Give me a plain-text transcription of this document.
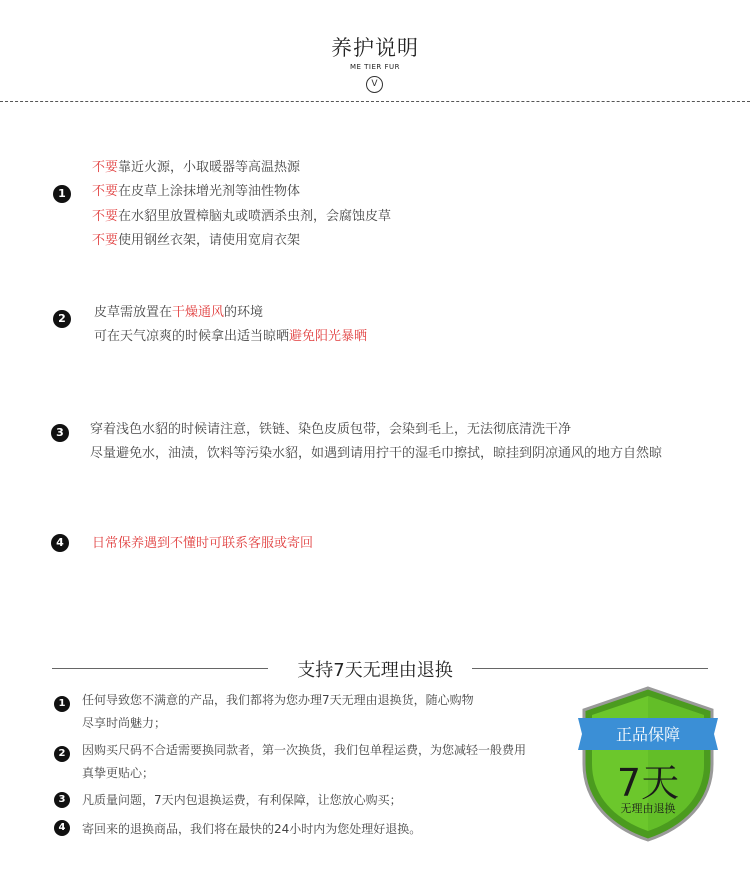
养护说明
ME TIER FUR
V
1
不要靠近火源，小取暖器等高温热源
不要在皮草上涂抹增光剂等油性物体
不要在水貂里放置樟脑丸或喷洒杀虫剂，会腐蚀皮草
不要使用钢丝衣架，请使用宽肩衣架
2	皮草需放置在干燥通风的环境
可在天气凉爽的时候拿出适当晾晒避免阳光暴晒
3	穿着浅色水貂的时候请注意，铁链、染色皮质包带，会染到毛上，无法彻底清洗干净
尽量避免水，油渍，饮料等污染水貂，如遇到请用拧干的湿毛巾擦拭，晾挂到阴凉通风的地方自然晾
4	日常保养遇到不懂时可联系客服或寄回
支持7天无理由退换
1	任何导致您不满意的产品，我们都将为您办理7天无理由退换货，随心购物
尽享时尚魅力；
2	因购买尺码不合适需要换同款者，第一次换货，我们包单程运费，为您减轻一般费用
真挚更贴心；
3	凡质量问题，7天内包退换运费，有利保障，让您放心购买；
4	寄回来的退换商品，我们将在最快的24小时内为您处理好退换。
正品保障
7天
无理由退换
